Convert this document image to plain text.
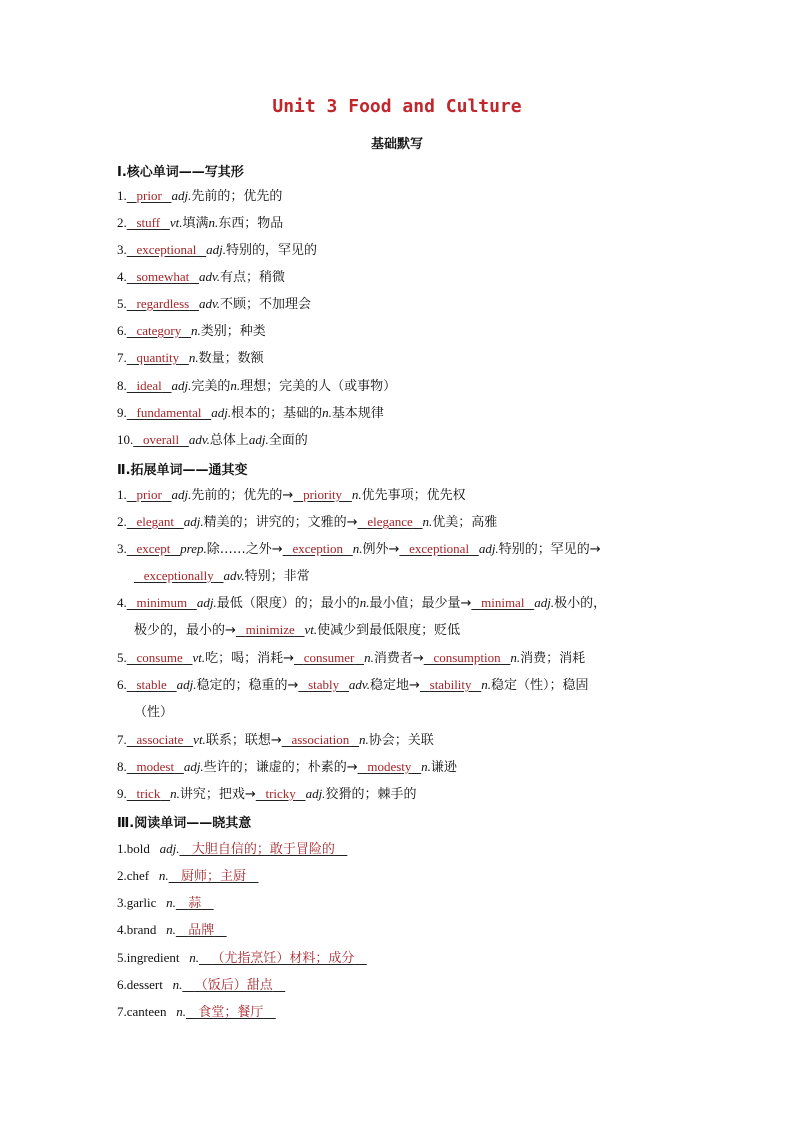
Unit 3 Food and Culture
基础默写
Ⅰ.核心单词——写其形
1. prior adj.先前的；优先的
2. stuff vt.填满n.东西；物品
3. exceptional adj.特别的，罕见的
4. somewhat adv.有点；稍微
5. regardless adv.不顾；不加理会
6. category n.类别；种类
7. quantity n.数量；数额
8. ideal adj.完美的n.理想；完美的人（或事物）
9. fundamental adj.根本的；基础的n.基本规律
10. overall adv.总体上adj.全面的
Ⅱ.拓展单词——通其变
1. prior adj.先前的；优先的→ priority n.优先事项；优先权
2. elegant adj.精美的；讲究的；文雅的→ elegance n.优美；高雅
3. except prep.除……之外→ exception n.例外→ exceptional adj.特别的；罕见的→
exceptionally adv.特别；非常
4. minimum adj.最低（限度）的；最小的n.最小值；最少量→ minimal adj.极小的，
极少的，最小的→ minimize vt.使减少到最低限度；贬低
5. consume vt.吃；喝；消耗→ consumer n.消费者→ consumption n.消费；消耗
6. stable adj.稳定的；稳重的→ stably adv.稳定地→ stability n.稳定（性）；稳固
（性）
7. associate vt.联系；联想→ association n.协会；关联
8. modest adj.些许的；谦虚的；朴素的→ modesty n.谦逊
9. trick n.讲究；把戏→ tricky adj.狡猾的；棘手的
Ⅲ.阅读单词——晓其意
1.bold adj. 大胆自信的；敢于冒险的
2.chef n. 厨师；主厨
3.garlic n. 蒜
4.brand n. 品牌
5.ingredient n. （尤指烹饪）材料；成分
6.dessert n. （饭后）甜点
7.canteen n. 食堂；餐厅
